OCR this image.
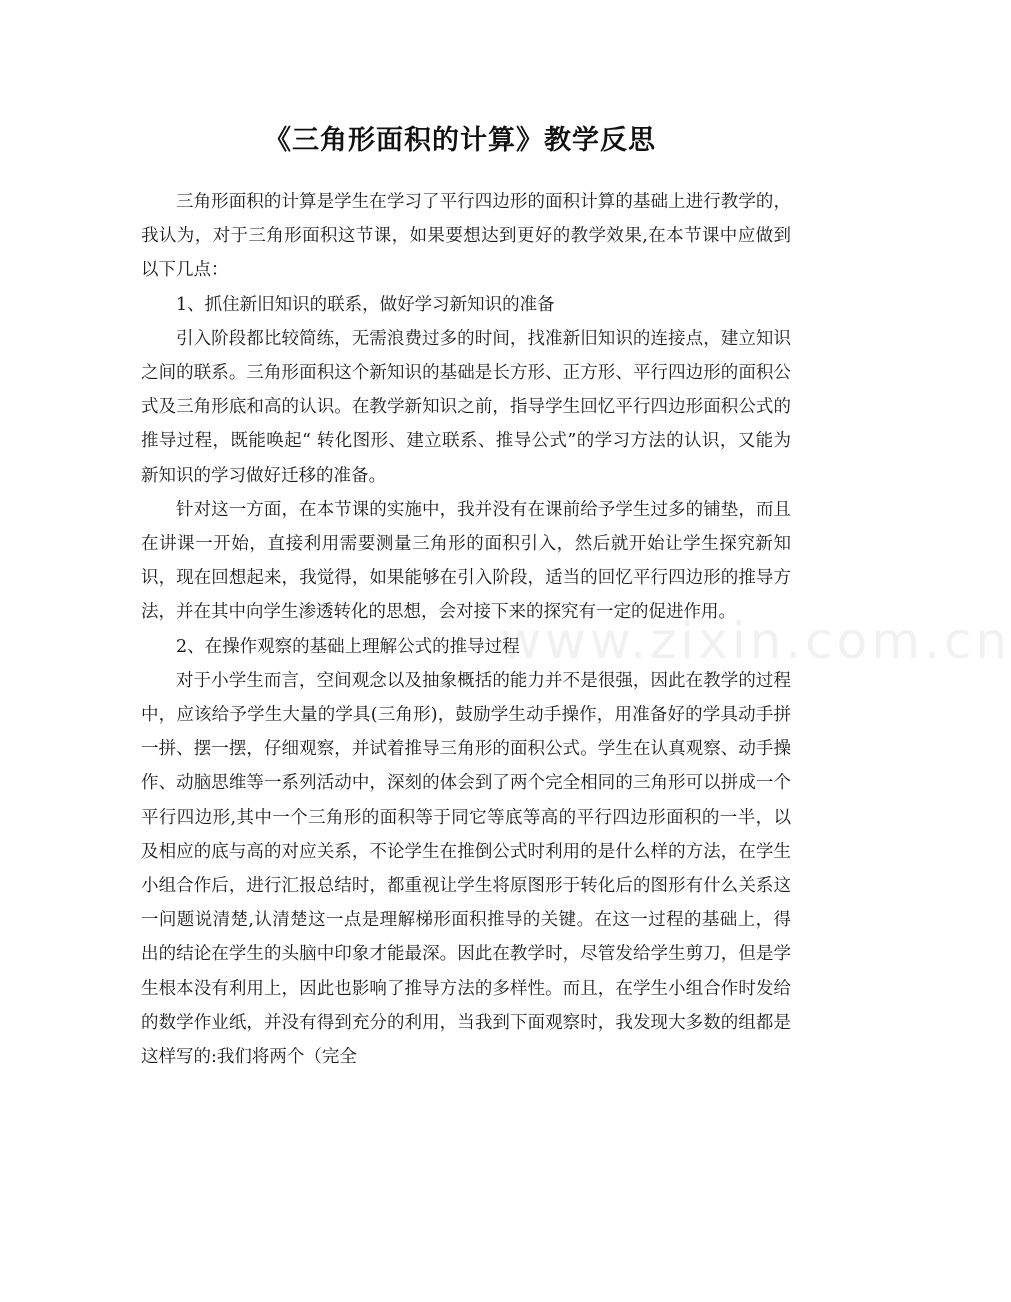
《三角形面积的计算》教学反思

三角形面积的计算是学生在学习了平行四边形的面积计算的基础上进行教学的，我认为，对于三角形面积这节课，如果要想达到更好的教学效果,在本节课中应做到以下几点：

1、抓住新旧知识的联系，做好学习新知识的准备

引入阶段都比较简练，无需浪费过多的时间，找准新旧知识的连接点，建立知识之间的联系。三角形面积这个新知识的基础是长方形、正方形、平行四边形的面积公式及三角形底和高的认识。在教学新知识之前，指导学生回忆平行四边形面积公式的推导过程，既能唤起“ 转化图形、建立联系、推导公式”的学习方法的认识，又能为新知识的学习做好迁移的准备。

针对这一方面，在本节课的实施中，我并没有在课前给予学生过多的铺垫，而且在讲课一开始，直接利用需要测量三角形的面积引入，然后就开始让学生探究新知识，现在回想起来，我觉得，如果能够在引入阶段，适当的回忆平行四边形的推导方法，并在其中向学生渗透转化的思想，会对接下来的探究有一定的促进作用。

2、在操作观察的基础上理解公式的推导过程

对于小学生而言，空间观念以及抽象概括的能力并不是很强，因此在教学的过程中，应该给予学生大量的学具(三角形)，鼓励学生动手操作，用准备好的学具动手拼一拼、摆一摆，仔细观察，并试着推导三角形的面积公式。学生在认真观察、动手操作、动脑思维等一系列活动中，深刻的体会到了两个完全相同的三角形可以拼成一个平行四边形,其中一个三角形的面积等于同它等底等高的平行四边形面积的一半，以及相应的底与高的对应关系，不论学生在推倒公式时利用的是什么样的方法，在学生小组合作后，进行汇报总结时，都重视让学生将原图形于转化后的图形有什么关系这一问题说清楚,认清楚这一点是理解梯形面积推导的关键。在这一过程的基础上，得出的结论在学生的头脑中印象才能最深。因此在教学时，尽管发给学生剪刀，但是学生根本没有利用上，因此也影响了推导方法的多样性。而且，在学生小组合作时发给的数学作业纸，并没有得到充分的利用，当我到下面观察时，我发现大多数的组都是这样写的:我们将两个（完全

www.zixin.com.cn
